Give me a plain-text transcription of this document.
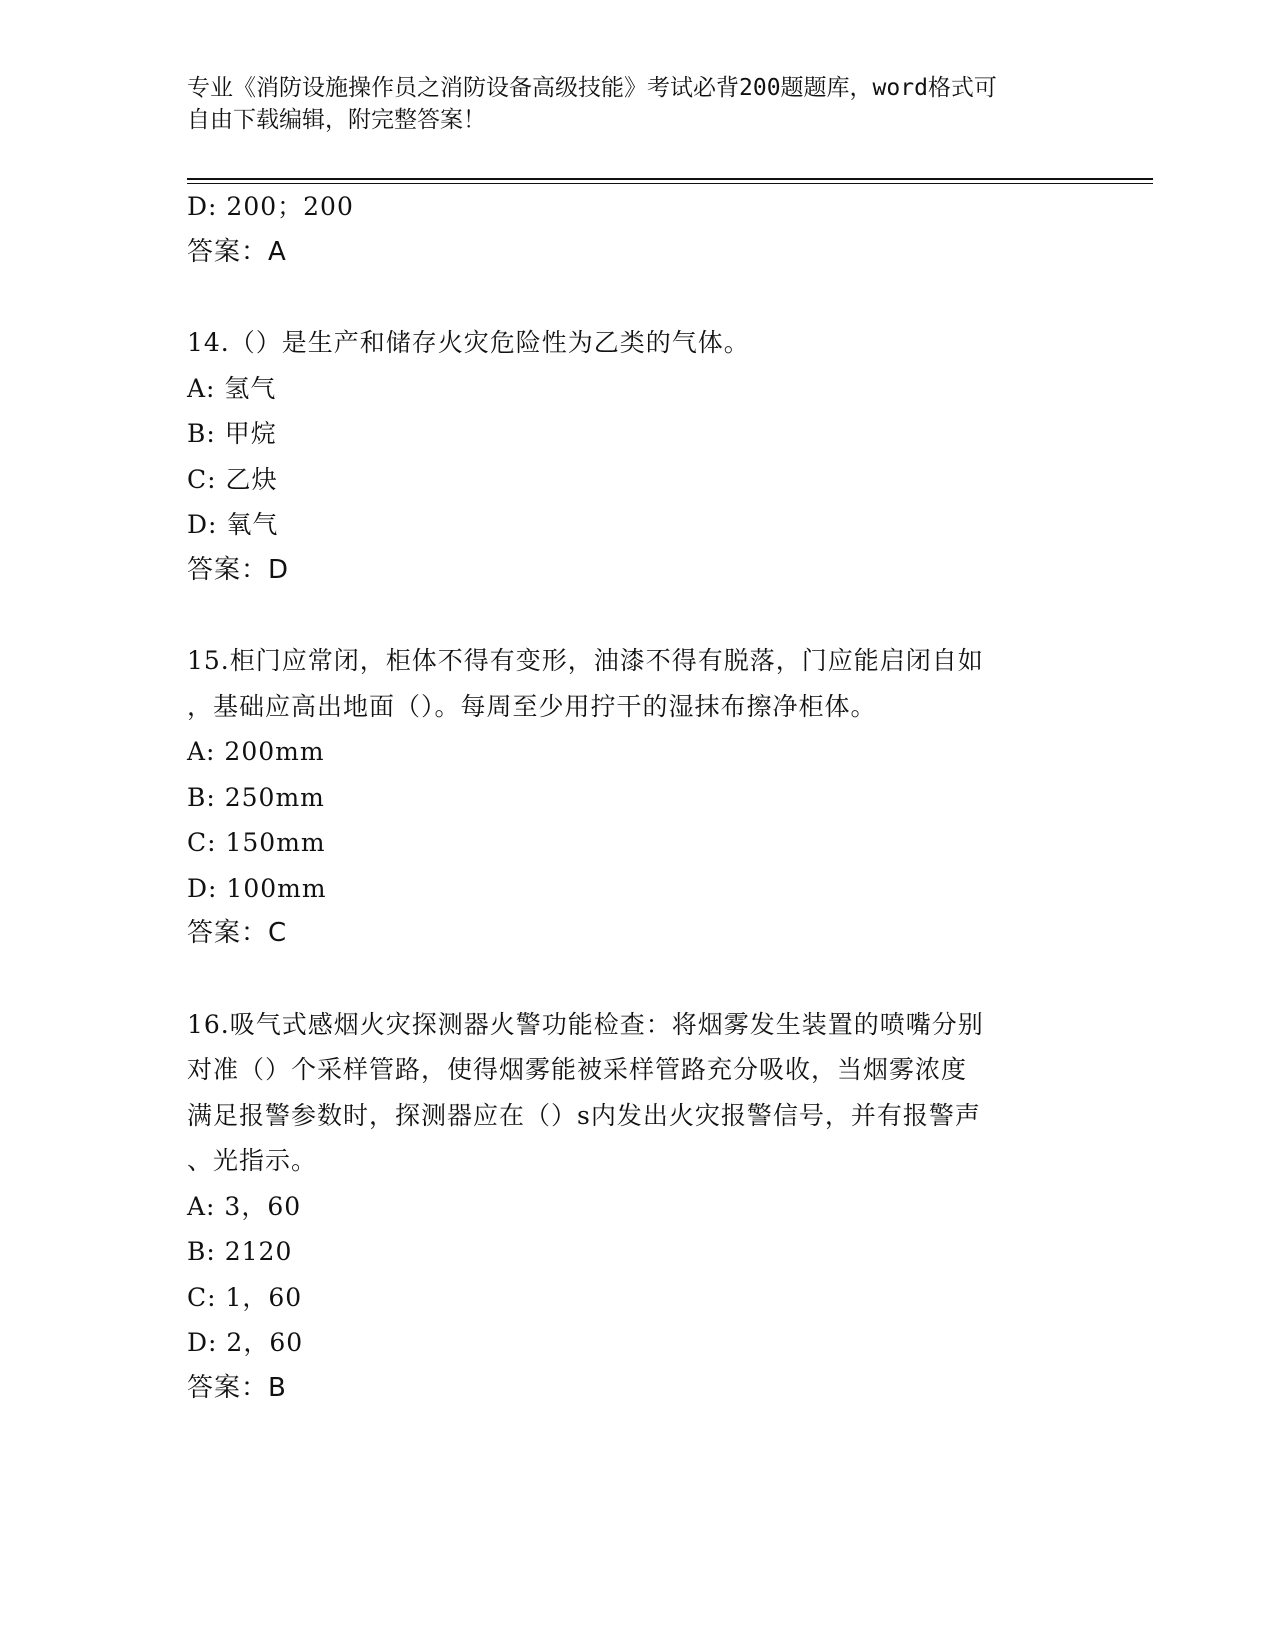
专业《消防设施操作员之消防设备高级技能》考试必背200题题库，word格式可
自由下载编辑，附完整答案！
D: 200；200
答案：A
14.（）是生产和储存火灾危险性为乙类的气体。
A: 氢气
B: 甲烷
C: 乙炔
D: 氧气
答案：D
15.柜门应常闭，柜体不得有变形，油漆不得有脱落，门应能启闭自如
，基础应高出地面（）。每周至少用拧干的湿抹布擦净柜体。
A: 200mm
B: 250mm
C: 150mm
D: 100mm
答案：C
16.吸气式感烟火灾探测器火警功能检查：将烟雾发生装置的喷嘴分别
对准（）个采样管路，使得烟雾能被采样管路充分吸收，当烟雾浓度
满足报警参数时，探测器应在（）s内发出火灾报警信号，并有报警声
、光指示。
A: 3，60
B: 2120
C: 1，60
D: 2，60
答案：B
